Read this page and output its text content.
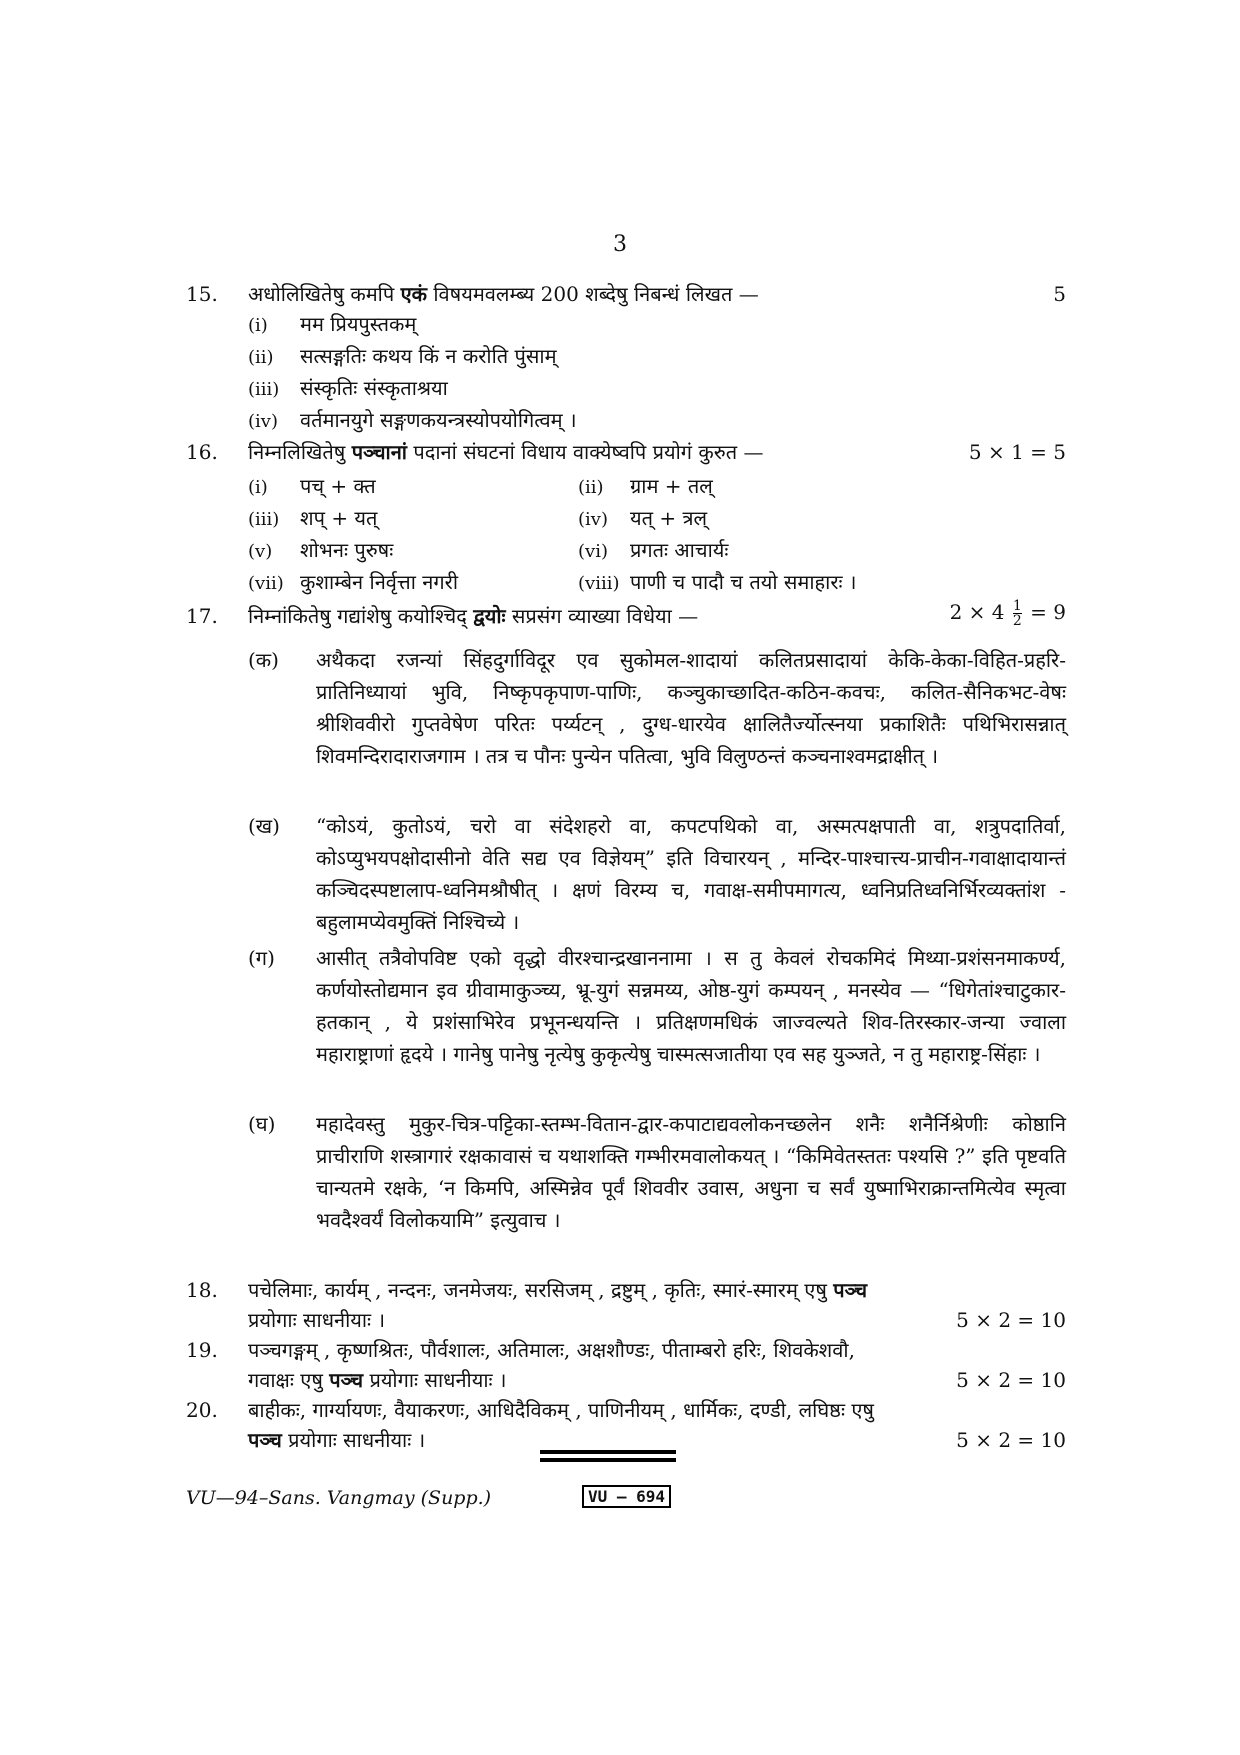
3
15.	अधोलिखितेषु कमपि एकं विषयमवलम्ब्य 200 शब्देषु निबन्धं लिखत —	5
(i) मम प्रियपुस्तकम्
(ii) सत्सङ्गतिः कथय किं न करोति पुंसाम्
(iii) संस्कृतिः संस्कृताश्रया
(iv) वर्तमानयुगे सङ्गणकयन्त्रस्योपयोगित्वम् ।
16.	निम्नलिखितेषु पञ्चानां पदानां संघटनां विधाय वाक्येष्वपि प्रयोगं कुरुत —	5 × 1 = 5
(i) पच् + क्त	(ii) ग्राम + तल्
(iii) शप् + यत्	(iv) यत् + त्रल्
(v) शोभनः पुरुषः	(vi) प्रगतः आचार्यः
(vii) कुशाम्बेन निर्वृत्ता नगरी	(viii) पाणी च पादौ च तयो समाहारः ।
17.	निम्नांकितेषु गद्यांशेषु कयोश्चिद् द्वयोः सप्रसंग व्याख्या विधेया —	$2 \times 4 \frac{1}{2} = 9$
(क)	अथैकदा रजन्यां सिंहदुर्गाविदूर एव सुकोमल-शादायां कलितप्रसादायां केकि-केका-विहित-प्रहरि-प्रातिनिध्यायां भुवि, निष्कृपकृपाण-पाणिः, कञ्चुकाच्छादित-कठिन-कवचः, कलित-सैनिकभट-वेषः श्रीशिववीरो गुप्तवेषेण परितः पर्य्यटन् , दुग्ध-धारयेव क्षालितैर्ज्योत्स्नया प्रकाशितैः पथिभिरासन्नात् शिवमन्दिरादाराजगाम । तत्र च पौनः पुन्येन पतित्वा, भुवि विलुण्ठन्तं कञ्चनाश्वमद्राक्षीत् ।
(ख)	“कोऽयं, कुतोऽयं, चरो वा संदेशहरो वा, कपटपथिको वा, अस्मत्पक्षपाती वा, शत्रुपदातिर्वा, कोऽप्युभयपक्षोदासीनो वेति सद्य एव विज्ञेयम्” इति विचारयन् , मन्दिर-पाश्चात्त्य-प्राचीन-गवाक्षादायान्तं कञ्चिदस्पष्टालाप-ध्वनिमश्रौषीत् । क्षणं विरम्य च, गवाक्ष-समीपमागत्य, ध्वनिप्रतिध्वनिर्भिरव्यक्तांश - बहुलामप्येवमुक्तिं निश्चिच्ये ।
(ग)	आसीत् तत्रैवोपविष्ट एको वृद्धो वीरश्चान्द्रखाननामा । स तु केवलं रोचकमिदं मिथ्या-प्रशंसनमाकर्ण्य, कर्णयोस्तोद्यमान इव ग्रीवामाकुञ्च्य, भ्रू-युगं सन्नमय्य, ओष्ठ-युगं कम्पयन् , मनस्येव — “धिगेतांश्चाटुकार-हतकान् , ये प्रशंसाभिरेव प्रभूनन्धयन्ति । प्रतिक्षणमधिकं जाज्वल्यते शिव-तिरस्कार-जन्या ज्वाला महाराष्ट्राणां हृदये । गानेषु पानेषु नृत्येषु कुकृत्येषु चास्मत्सजातीया एव सह युञ्जते, न तु महाराष्ट्र-सिंहाः ।
(घ)	महादेवस्तु मुकुर-चित्र-पट्टिका-स्तम्भ-वितान-द्वार-कपाटाद्यवलोकनच्छलेन शनैः शनैर्निश्रेणीः कोष्ठानि प्राचीराणि शस्त्रागारं रक्षकावासं च यथाशक्ति गम्भीरमवालोकयत् । “किमिवेतस्ततः पश्यसि ?” इति पृष्टवति चान्यतमे रक्षके, ‘न किमपि, अस्मिन्नेव पूर्वं शिववीर उवास, अधुना च सर्वं युष्माभिराक्रान्तमित्येव स्मृत्वा भवदैश्वर्यं विलोकयामि” इत्युवाच ।
18.	पचेलिमाः, कार्यम् , नन्दनः, जनमेजयः, सरसिजम् , द्रष्टुम् , कृतिः, स्मारं-स्मारम् एषु पञ्च
प्रयोगाः साधनीयाः ।	5 × 2 = 10
19.	पञ्चगङ्गम् , कृष्णश्रितः, पौर्वशालः, अतिमालः, अक्षशौण्डः, पीताम्बरो हरिः, शिवकेशवौ,
गवाक्षः एषु पञ्च प्रयोगाः साधनीयाः ।	5 × 2 = 10
20.	बाहीकः, गार्ग्यायणः, वैयाकरणः, आधिदैविकम् , पाणिनीयम् , धार्मिकः, दण्डी, लघिष्ठः एषु
पञ्च प्रयोगाः साधनीयाः ।	5 × 2 = 10
VU—94–Sans. Vangmay (Supp.)	VU – 694
